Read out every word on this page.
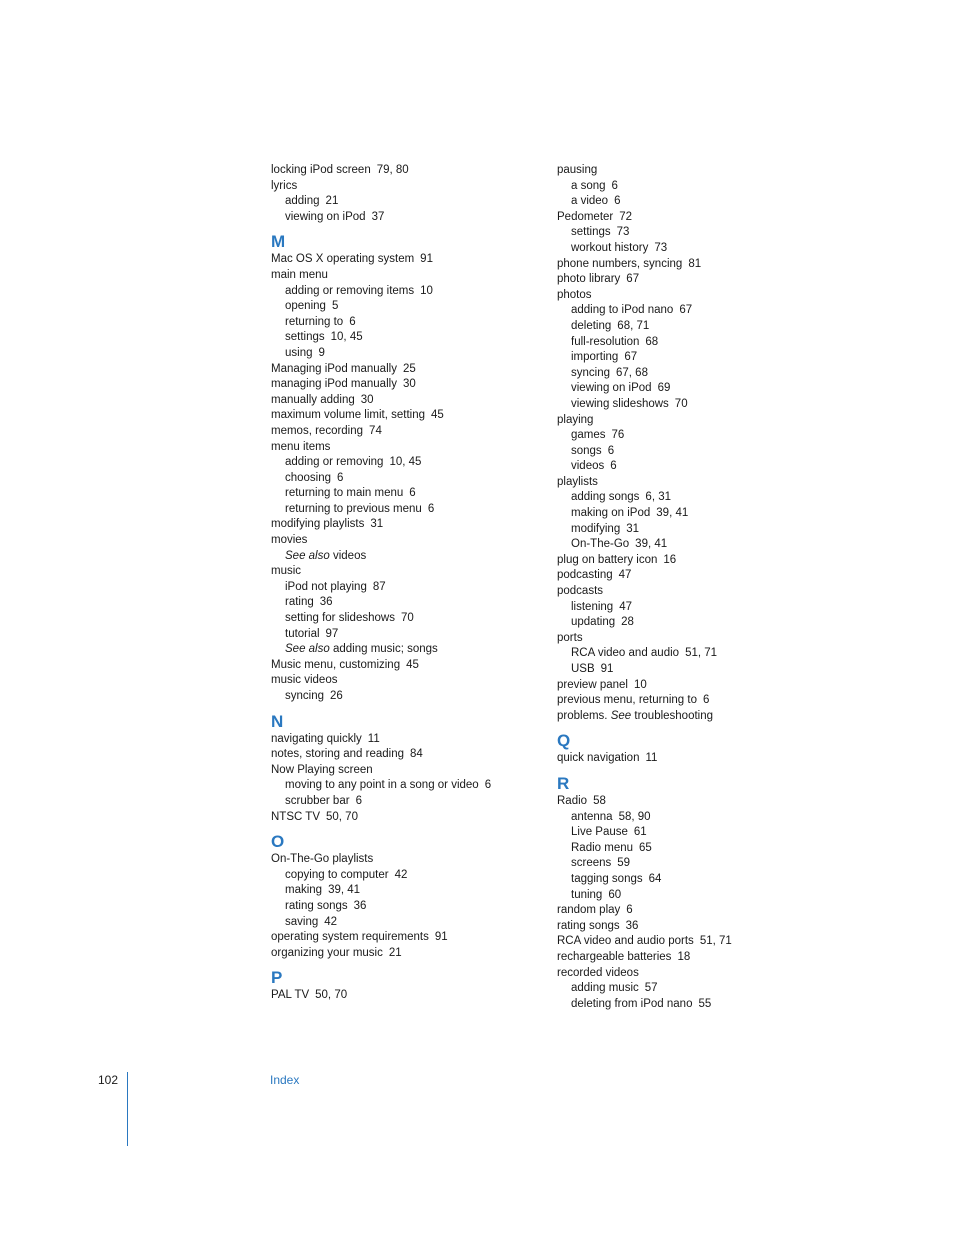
locking iPod screen 79, 80
lyrics
adding 21
viewing on iPod 37
M
Mac OS X operating system 91
main menu
adding or removing items 10
opening 5
returning to 6
settings 10, 45
using 9
Managing iPod manually 25
managing iPod manually 30
manually adding 30
maximum volume limit, setting 45
memos, recording 74
menu items
adding or removing 10, 45
choosing 6
returning to main menu 6
returning to previous menu 6
modifying playlists 31
movies
See also videos
music
iPod not playing 87
rating 36
setting for slideshows 70
tutorial 97
See also adding music; songs
Music menu, customizing 45
music videos
syncing 26
N
navigating quickly 11
notes, storing and reading 84
Now Playing screen
moving to any point in a song or video 6
scrubber bar 6
NTSC TV 50, 70
O
On-The-Go playlists
copying to computer 42
making 39, 41
rating songs 36
saving 42
operating system requirements 91
organizing your music 21
P
PAL TV 50, 70
pausing
a song 6
a video 6
Pedometer 72
settings 73
workout history 73
phone numbers, syncing 81
photo library 67
photos
adding to iPod nano 67
deleting 68, 71
full-resolution 68
importing 67
syncing 67, 68
viewing on iPod 69
viewing slideshows 70
playing
games 76
songs 6
videos 6
playlists
adding songs 6, 31
making on iPod 39, 41
modifying 31
On-The-Go 39, 41
plug on battery icon 16
podcasting 47
podcasts
listening 47
updating 28
ports
RCA video and audio 51, 71
USB 91
preview panel 10
previous menu, returning to 6
problems. See troubleshooting
Q
quick navigation 11
R
Radio 58
antenna 58, 90
Live Pause 61
Radio menu 65
screens 59
tagging songs 64
tuning 60
random play 6
rating songs 36
RCA video and audio ports 51, 71
rechargeable batteries 18
recorded videos
adding music 57
deleting from iPod nano 55
102	Index
